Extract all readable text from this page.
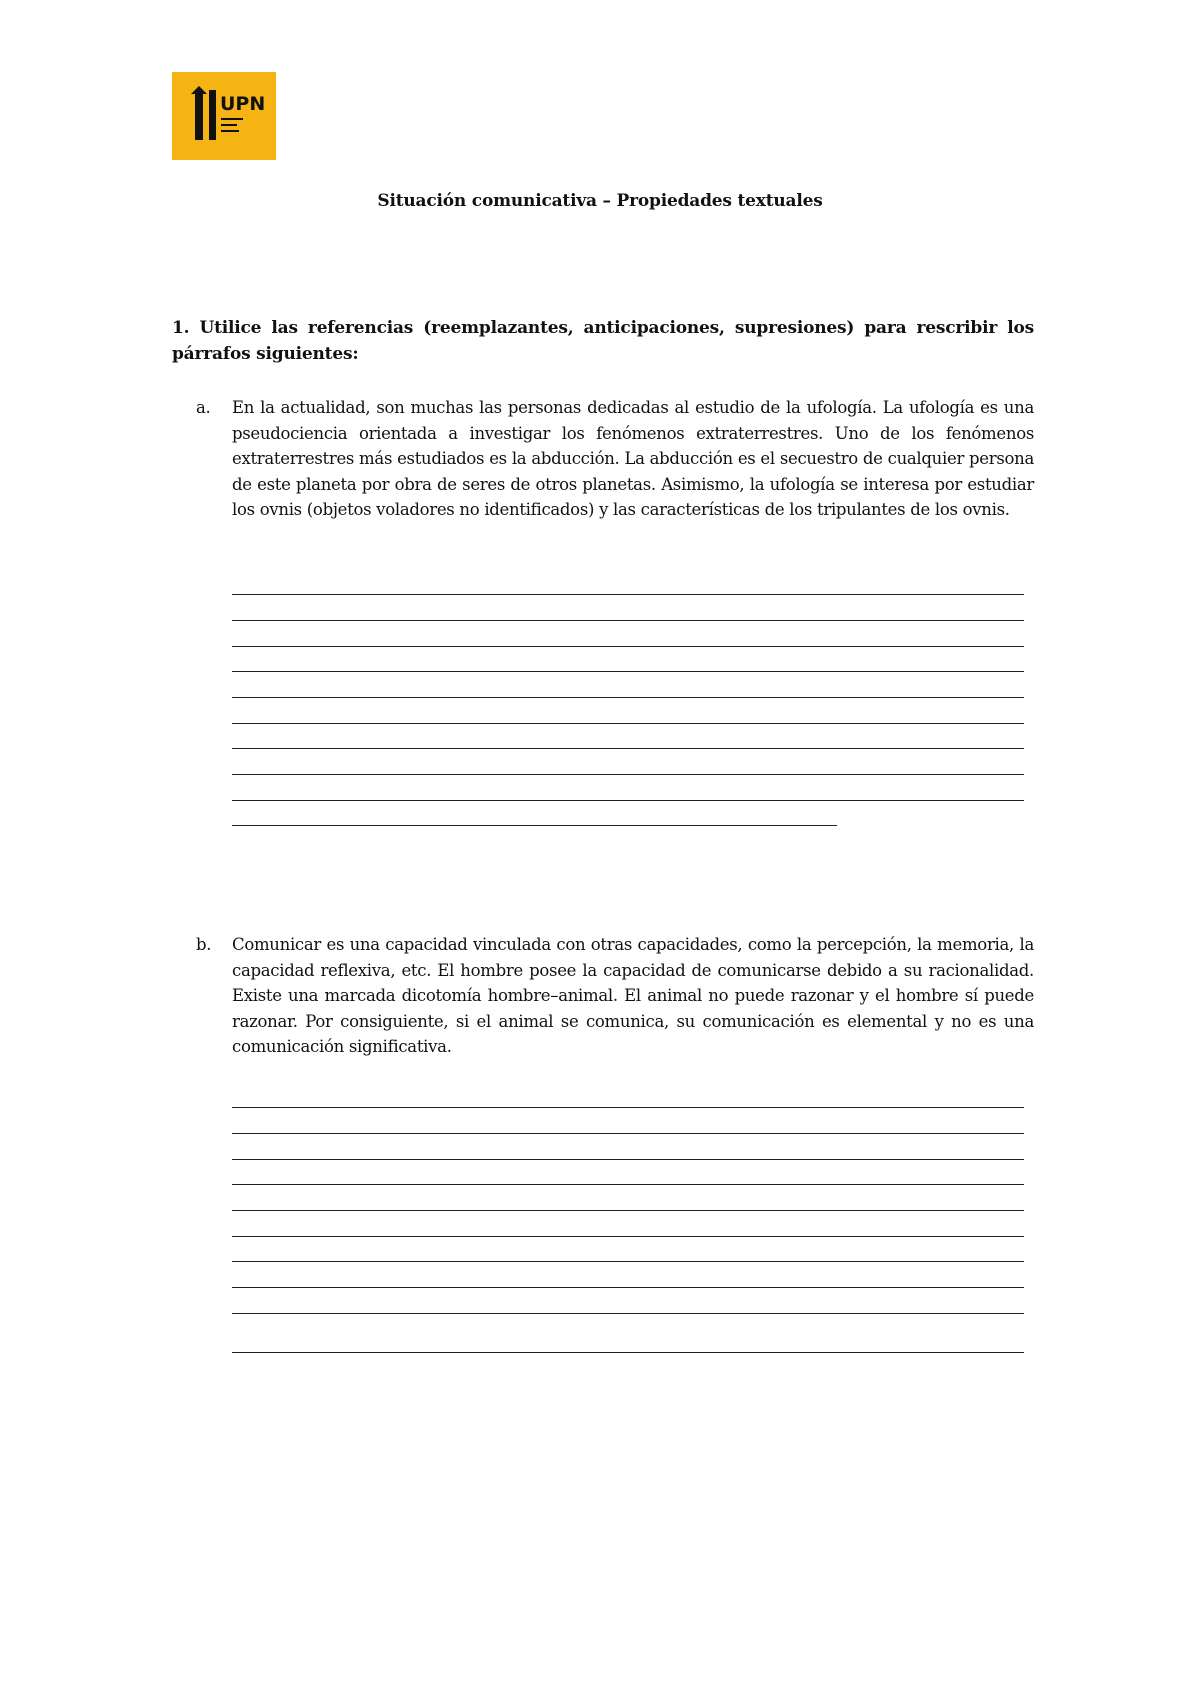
UPN
Situación comunicativa – Propiedades textuales
1. Utilice las referencias (reemplazantes, anticipaciones, supresiones) para rescribir los párrafos siguientes:
a. En la actualidad, son muchas las personas dedicadas al estudio de la ufología. La ufología es una pseudociencia orientada a investigar los fenómenos extraterrestres. Uno de los fenómenos extraterrestres más estudiados es la abducción. La abducción es el secuestro de cualquier persona de este planeta por obra de seres de otros planetas. Asimismo, la ufología se interesa por estudiar los ovnis (objetos voladores no identificados) y las características de los tripulantes de los ovnis.
b. Comunicar es una capacidad vinculada con otras capacidades, como la percepción, la memoria, la capacidad reflexiva, etc. El hombre posee la capacidad de comunicarse debido a su racionalidad. Existe una marcada dicotomía hombre–animal. El animal no puede razonar y el hombre sí puede razonar. Por consiguiente, si el animal se comunica, su comunicación es elemental y no es una comunicación significativa.
